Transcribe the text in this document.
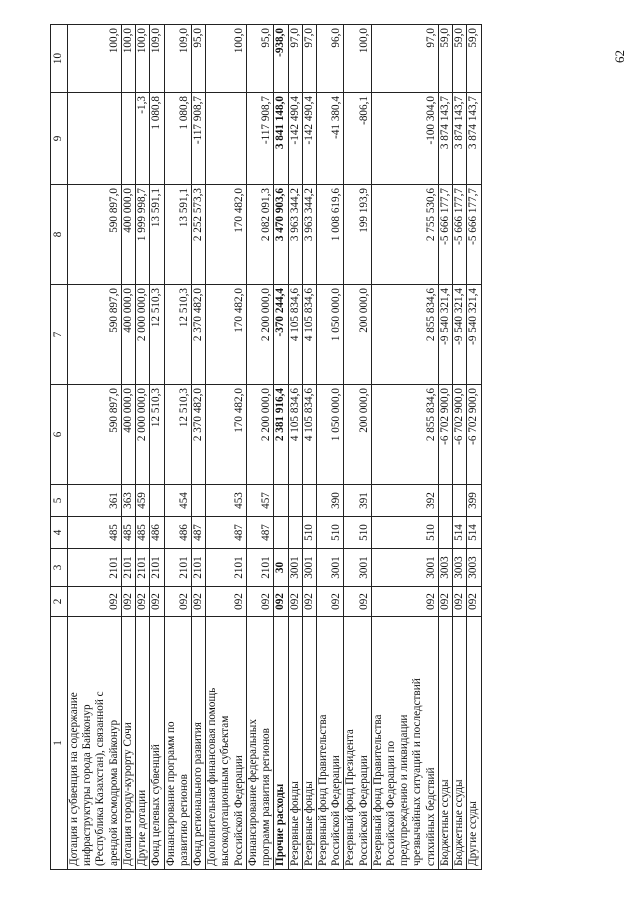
62
1	2	3	4	5	6	7	8	9	10

Дотация и субвенция на содержание инфраструктуры города Байконур (Республика Казахстан), связанной с арендой космодрома Байконур	092	2101	485	361	590 897,0	590 897,0	590 897,0		100,0

Дотация городу-курорту Сочи	092	2101	485	363	400 000,0	400 000,0	400 000,0		100,0

Другие дотации	092	2101	485	459	2 000 000,0	2 000 000,0	1 999 998,7	-1,3	100,0

Фонд целевых субвенций	092	2101	486		12 510,3	12 510,3	13 591,1	1 080,8	109,0

Финансирование программ по развитию регионов	092	2101	486	454	12 510,3	12 510,3	13 591,1	1 080,8	109,0

Фонд регионального развития	092	2101	487		2 370 482,0	2 370 482,0	2 252 573,3	-117 908,7	95,0

Дополнительная финансовая помощь высокодотационным субъектам Российской Федерации	092	2101	487	453	170 482,0	170 482,0	170 482,0		100,0

Финансирование федеральных программ развития регионов	092	2101	487	457	2 200 000,0	2 200 000,0	2 082 091,3	-117 908,7	95,0

Прочие расходы	092	30			2 381 916,4	-370 244,4	3 470 903,6	3 841 148,0	-938,0

Резервные фонды	092	3001			4 105 834,6	4 105 834,6	3 963 344,2	-142 490,4	97,0

Резервные фонды	092	3001	510		4 105 834,6	4 105 834,6	3 963 344,2	-142 490,4	97,0

Резервный фонд Правительства Российской Федерации	092	3001	510	390	1 050 000,0	1 050 000,0	1 008 619,6	-41 380,4	96,0

Резервный фонд Президента Российской Федерации	092	3001	510	391	200 000,0	200 000,0	199 193,9	-806,1	100,0

Резервный фонд Правительства Российской Федерации по предупреждению и ликвидации чрезвычайных ситуаций и последствий стихийных бедствий	092	3001	510	392	2 855 834,6	2 855 834,6	2 755 530,6	-100 304,0	97,0

Бюджетные ссуды	092	3003			-6 702 900,0	-9 540 321,4	-5 666 177,7	3 874 143,7	59,0

Бюджетные ссуды	092	3003	514		-6 702 900,0	-9 540 321,4	-5 666 177,7	3 874 143,7	59,0

Другие ссуды	092	3003	514	399	-6 702 900,0	-9 540 321,4	-5 666 177,7	3 874 143,7	59,0
